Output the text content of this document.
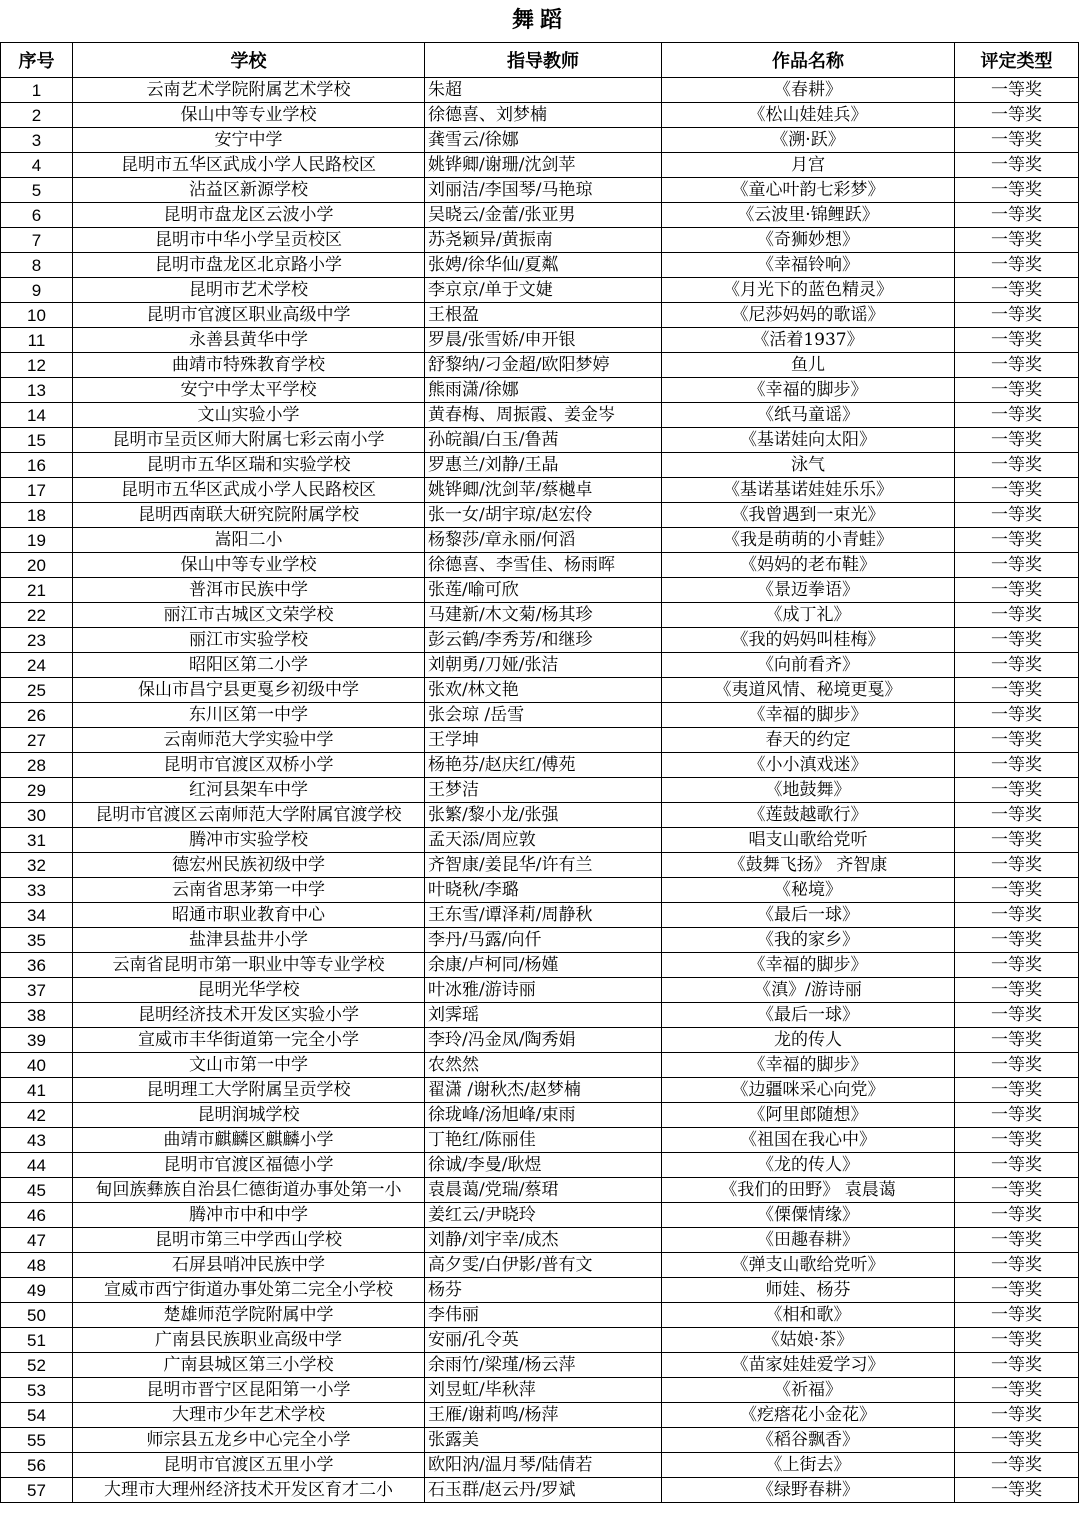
舞蹈
序号	学校	指导教师	作品名称	评定类型
1	云南艺术学院附属艺术学校	朱超	《春耕》	一等奖
2	保山中等专业学校	徐德喜、刘梦楠	《松山娃娃兵》	一等奖
3	安宁中学	龚雪云/徐娜	《溯·跃》	一等奖
4	昆明市五华区武成小学人民路校区	姚铧卿/谢珊/沈剑苹	月宫	一等奖
5	沾益区新源学校	刘丽洁/李国琴/马艳琼	《童心叶韵七彩梦》	一等奖
6	昆明市盘龙区云波小学	吴晓云/金蕾/张亚男	《云波里·锦鲤跃》	一等奖
7	昆明市中华小学呈贡校区	苏尧颖异/黄振南	《奇狮妙想》	一等奖
8	昆明市盘龙区北京路小学	张娉/徐华仙/夏粼	《幸福铃响》	一等奖
9	昆明市艺术学校	李京京/单于文婕	《月光下的蓝色精灵》	一等奖
10	昆明市官渡区职业高级中学	王根盈	《尼莎妈妈的歌谣》	一等奖
11	永善县黄华中学	罗晨/张雪娇/申开银	《活着1937》	一等奖
12	曲靖市特殊教育学校	舒黎纳/刁金超/欧阳梦婷	鱼儿	一等奖
13	安宁中学太平学校	熊雨潇/徐娜	《幸福的脚步》	一等奖
14	文山实验小学	黄春梅、周振霞、姜金岑	《纸马童谣》	一等奖
15	昆明市呈贡区师大附属七彩云南小学	孙皖韻/白玉/鲁茜	《基诺娃向太阳》	一等奖
16	昆明市五华区瑞和实验学校	罗惠兰/刘静/王晶	泳气	一等奖
17	昆明市五华区武成小学人民路校区	姚铧卿/沈剑苹/蔡樾卓	《基诺基诺娃娃乐乐》	一等奖
18	昆明西南联大研究院附属学校	张一女/胡宇琼/赵宏伶	《我曾遇到一束光》	一等奖
19	嵩阳二小	杨黎莎/章永丽/何滔	《我是萌萌的小青蛙》	一等奖
20	保山中等专业学校	徐德喜、李雪佳、杨雨晖	《妈妈的老布鞋》	一等奖
21	普洱市民族中学	张莲/喻可欣	《景迈拳语》	一等奖
22	丽江市古城区文荣学校	马建新/木文菊/杨其珍	《成丁礼》	一等奖
23	丽江市实验学校	彭云鹤/李秀芳/和继珍	《我的妈妈叫桂梅》	一等奖
24	昭阳区第二小学	刘朝勇/刀娅/张洁	《向前看齐》	一等奖
25	保山市昌宁县更戛乡初级中学	张欢/林文艳	《夷道风情、秘境更戛》	一等奖
26	东川区第一中学	张会琼 /岳雪	《幸福的脚步》	一等奖
27	云南师范大学实验中学	王学坤	春天的约定	一等奖
28	昆明市官渡区双桥小学	杨艳芬/赵庆红/傅苑	《小小滇戏迷》	一等奖
29	红河县架车中学	王梦洁	《地鼓舞》	一等奖
30	昆明市官渡区云南师范大学附属官渡学校	张繁/黎小龙/张强	《莲鼓越歌行》	一等奖
31	腾冲市实验学校	孟天添/周应敦	唱支山歌给党听	一等奖
32	德宏州民族初级中学	齐智康/姜昆华/许有兰	《鼓舞飞扬》 齐智康	一等奖
33	云南省思茅第一中学	叶晓秋/李璐	《秘境》	一等奖
34	昭通市职业教育中心	王东雪/谭泽莉/周静秋	《最后一球》	一等奖
35	盐津县盐井小学	李丹/马露/向仟	《我的家乡》	一等奖
36	云南省昆明市第一职业中等专业学校	余康/卢柯同/杨嫤	《幸福的脚步》	一等奖
37	昆明光华学校	叶冰雅/游诗丽	《滇》/游诗丽	一等奖
38	昆明经济技术开发区实验小学	刘霁瑶	《最后一球》	一等奖
39	宣威市丰华街道第一完全小学	李玲/冯金凤/陶秀娟	龙的传人	一等奖
40	文山市第一中学	农然然	《幸福的脚步》	一等奖
41	昆明理工大学附属呈贡学校	翟潇 /谢秋杰/赵梦楠	《边疆咪采心向党》	一等奖
42	昆明润城学校	徐珑峰/汤旭峰/束雨	《阿里郎随想》	一等奖
43	曲靖市麒麟区麒麟小学	丁艳红/陈丽佳	《祖国在我心中》	一等奖
44	昆明市官渡区福德小学	徐诚/李曼/耿煜	《龙的传人》	一等奖
45	甸回族彝族自治县仁德街道办事处第一小	袁晨蔼/党瑞/蔡珺	《我们的田野》 袁晨蔼	一等奖
46	腾冲市中和中学	姜红云/尹晓玲	《傈僳情缘》	一等奖
47	昆明市第三中学西山学校	刘静/刘宇幸/成杰	《田趣春耕》	一等奖
48	石屏县哨冲民族中学	高夕雯/白伊影/普有文	《弹支山歌给党听》	一等奖
49	宣威市西宁街道办事处第二完全小学校	杨芬	师娃、杨芬	一等奖
50	楚雄师范学院附属中学	李伟丽	《相和歌》	一等奖
51	广南县民族职业高级中学	安丽/孔令英	《姑娘·茶》	一等奖
52	广南县城区第三小学校	余雨竹/梁瑾/杨云萍	《苗家娃娃爱学习》	一等奖
53	昆明市晋宁区昆阳第一小学	刘昱虹/毕秋萍	《祈福》	一等奖
54	大理市少年艺术学校	王雁/谢莉鸣/杨萍	《疙瘩花小金花》	一等奖
55	师宗县五龙乡中心完全小学	张露美	《稻谷飘香》	一等奖
56	昆明市官渡区五里小学	欧阳汭/温月琴/陆倩若	《上街去》	一等奖
57	大理市大理州经济技术开发区育才二小	石玉群/赵云丹/罗斌	《绿野春耕》	一等奖
